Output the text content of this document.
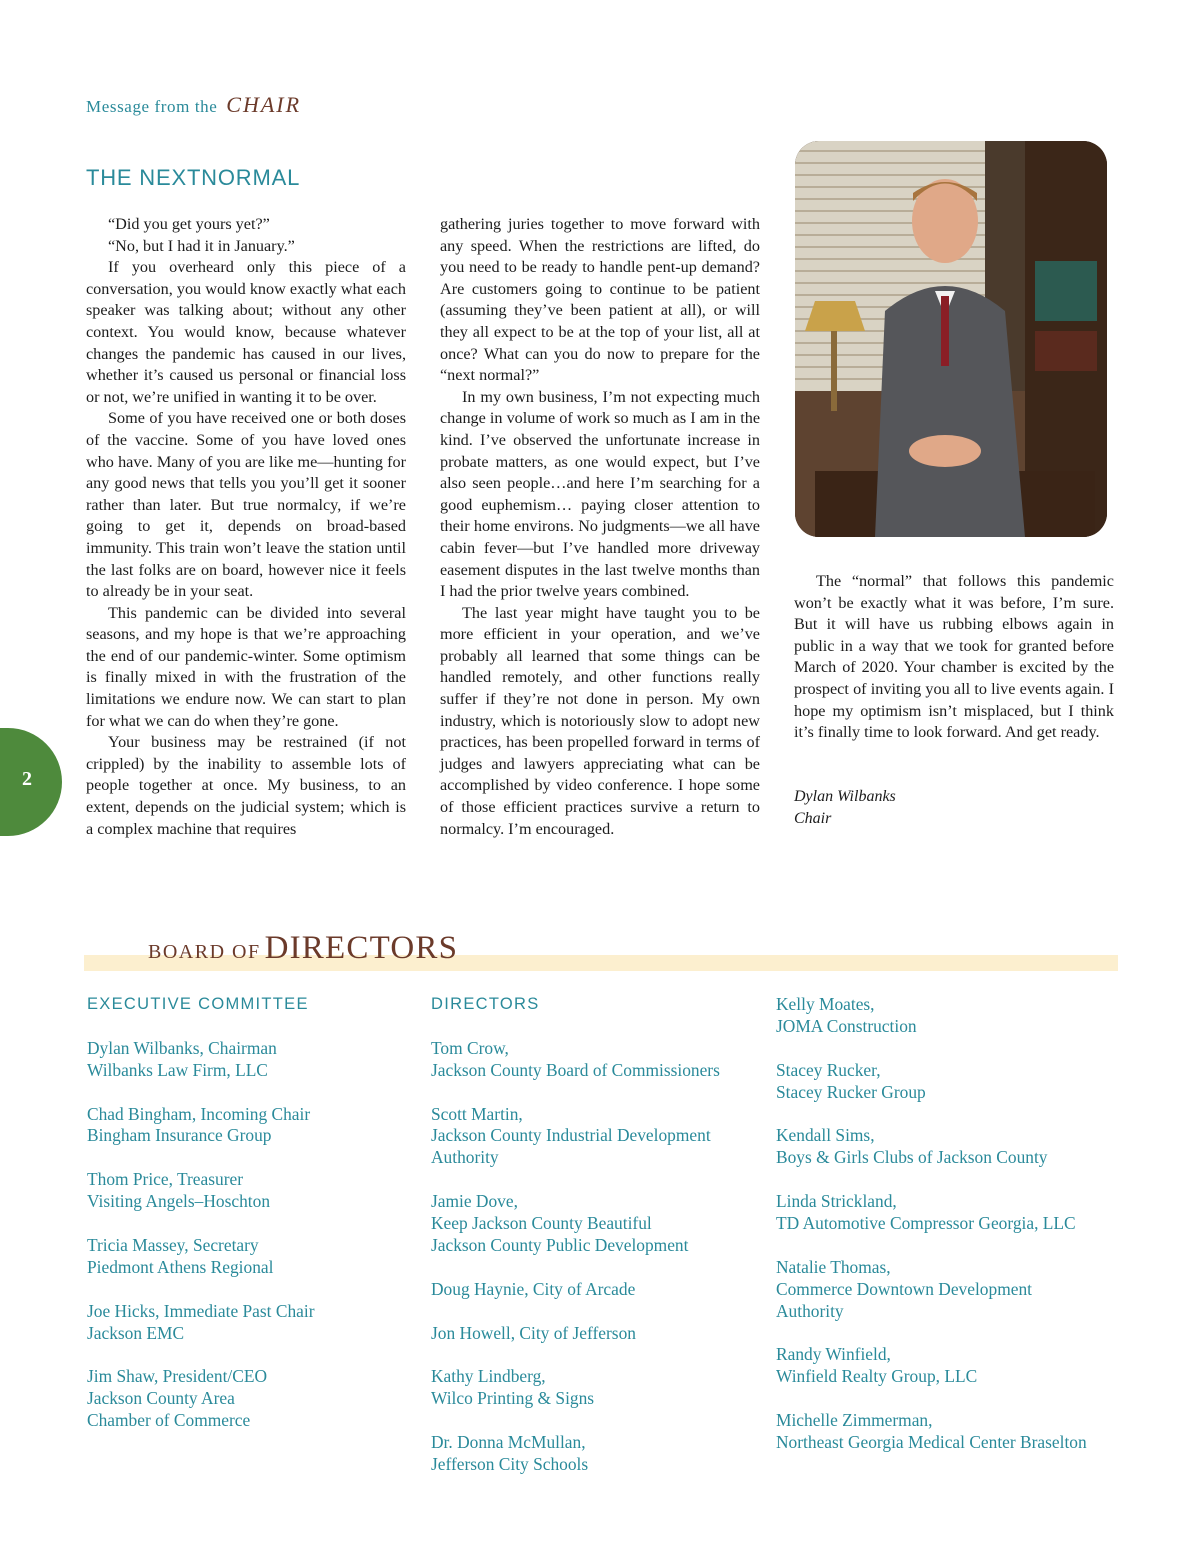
Message from the CHAIR
THE NEXTNORMAL

“Did you get yours yet?”

“No, but I had it in January.”

If you overheard only this piece of a conversation, you would know exactly what each speaker was talking about; without any other context. You would know, because whatever changes the pandemic has caused in our lives, whether it’s caused us personal or financial loss or not, we’re unified in wanting it to be over.

Some of you have received one or both doses of the vaccine. Some of you have loved ones who have. Many of you are like me—hunting for any good news that tells you you’ll get it sooner rather than later. But true normalcy, if we’re going to get it, depends on broad-based immunity. This train won’t leave the station until the last folks are on board, however nice it feels to already be in your seat.

This pandemic can be divided into several seasons, and my hope is that we’re approaching the end of our pandemic-winter. Some optimism is finally mixed in with the frustration of the limitations we endure now. We can start to plan for what we can do when they’re gone.

Your business may be restrained (if not crippled) by the inability to assemble lots of people together at once. My business, to an extent, depends on the judicial system; which is a complex machine that requires

gathering juries together to move forward with any speed. When the restrictions are lifted, do you need to be ready to handle pent-up demand? Are customers going to continue to be patient (assuming they’ve been patient at all), or will they all expect to be at the top of your list, all at once? What can you do now to prepare for the “next normal?”

In my own business, I’m not expecting much change in volume of work so much as I am in the kind. I’ve observed the unfortunate increase in probate matters, as one would expect, but I’ve also seen people…and here I’m searching for a good euphemism… paying closer attention to their home environs. No judgments—we all have cabin fever—but I’ve handled more driveway easement disputes in the last twelve months than I had the prior twelve years combined.

The last year might have taught you to be more efficient in your operation, and we’ve probably all learned that some things can be handled remotely, and other functions really suffer if they’re not done in person. My own industry, which is notoriously slow to adopt new practices, has been propelled forward in terms of judges and lawyers appreciating what can be accomplished by video conference. I hope some of those efficient practices survive a return to normalcy. I’m encouraged.

The “normal” that follows this pandemic won’t be exactly what it was before, I’m sure. But it will have us rubbing elbows again in public in a way that we took for granted before March of 2020. Your chamber is excited by the prospect of inviting you all to live events again. I hope my optimism isn’t misplaced, but I think it’s finally time to look forward. And get ready.

Dylan Wilbanks
Chair
2
BOARD OF DIRECTORS
EXECUTIVE COMMITTEE
Dylan Wilbanks, Chairman
Wilbanks Law Firm, LLC
Chad Bingham, Incoming Chair
Bingham Insurance Group
Thom Price, Treasurer
Visiting Angels–Hoschton
Tricia Massey, Secretary
Piedmont Athens Regional
Joe Hicks, Immediate Past Chair
Jackson EMC
Jim Shaw, President/CEO
Jackson County Area
Chamber of Commerce
DIRECTORS
Tom Crow,
Jackson County Board of Commissioners
Scott Martin,
Jackson County Industrial Development
Authority
Jamie Dove,
Keep Jackson County Beautiful
Jackson County Public Development
Doug Haynie, City of Arcade
Jon Howell, City of Jefferson
Kathy Lindberg,
Wilco Printing & Signs
Dr. Donna McMullan,
Jefferson City Schools
Kelly Moates,
JOMA Construction
Stacey Rucker,
Stacey Rucker Group
Kendall Sims,
Boys & Girls Clubs of Jackson County
Linda Strickland,
TD Automotive Compressor Georgia, LLC
Natalie Thomas,
Commerce Downtown Development
Authority
Randy Winfield,
Winfield Realty Group, LLC
Michelle Zimmerman,
Northeast Georgia Medical Center Braselton
